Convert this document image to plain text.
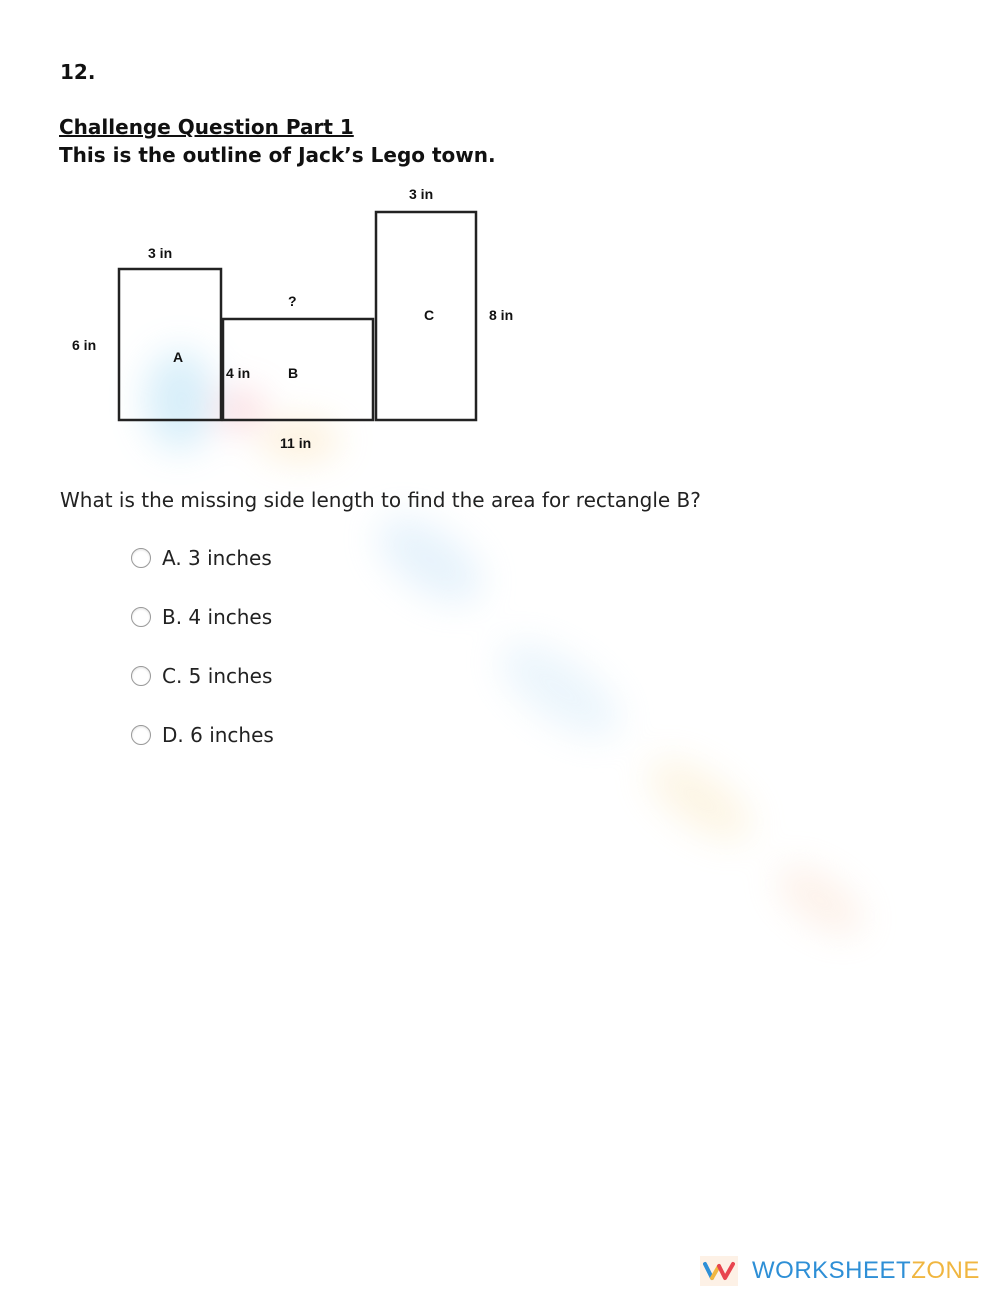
12.
Challenge Question Part 1
This is the outline of Jack’s Lego town.
3 in
6 in
A
?
4 in	B
3 in
8 in
C
11 in
What is the missing side length to find the area for rectangle B?
A. 3 inches
B. 4 inches
C. 5 inches
D. 6 inches
WORKSHEETZONE
